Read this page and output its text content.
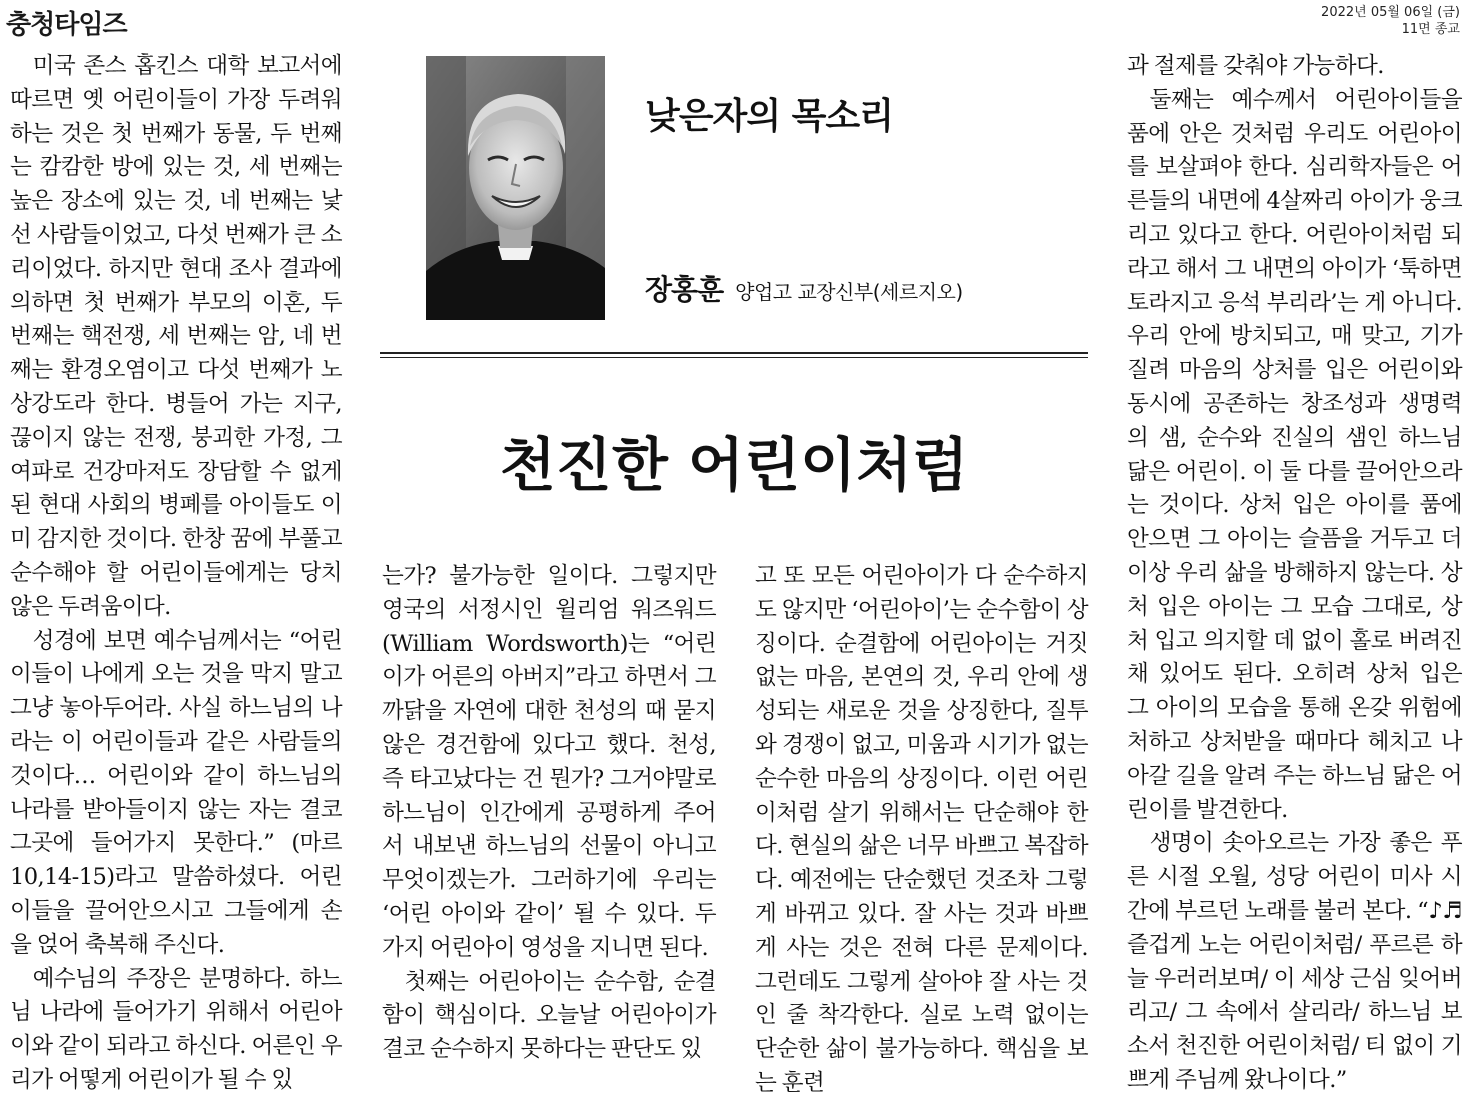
충청타임즈	2022년 05월 06일 (금)
11면 종교

미국 존스 홉킨스 대학 보고서에 따르면 옛 어린이들이 가장 두려워하는 것은 첫 번째가 동물, 두 번째는 캄캄한 방에 있는 것, 세 번째는 높은 장소에 있는 것, 네 번째는 낯선 사람들이었고, 다섯 번째가 큰 소리이었다. 하지만 현대 조사 결과에 의하면 첫 번째가 부모의 이혼, 두 번째는 핵전쟁, 세 번째는 암, 네 번째는 환경오염이고 다섯 번째가 노상강도라 한다. 병들어 가는 지구, 끊이지 않는 전쟁, 붕괴한 가정, 그 여파로 건강마저도 장담할 수 없게 된 현대 사회의 병폐를 아이들도 이미 감지한 것이다. 한창 꿈에 부풀고 순수해야 할 어린이들에게는 당치 않은 두려움이다.

성경에 보면 예수님께서는 “어린이들이 나에게 오는 것을 막지 말고 그냥 놓아두어라. 사실 하느님의 나라는 이 어린이들과 같은 사람들의 것이다… 어린이와 같이 하느님의 나라를 받아들이지 않는 자는 결코 그곳에 들어가지 못한다.” (마르 10,14-15)라고 말씀하셨다. 어린이들을 끌어안으시고 그들에게 손을 얹어 축복해 주신다.

예수님의 주장은 분명하다. 하느님 나라에 들어가기 위해서 어린아이와 같이 되라고 하신다. 어른인 우리가 어떻게 어린이가 될 수 있

낮은자의 목소리
장홍훈 양업고 교장신부(세르지오)
천진한 어린이처럼

는가? 불가능한 일이다. 그렇지만 영국의 서정시인 윌리엄 워즈워드 (William Wordsworth)는 “어린이가 어른의 아버지”라고 하면서 그 까닭을 자연에 대한 천성의 때 묻지 않은 경건함에 있다고 했다. 천성, 즉 타고났다는 건 뭔가? 그거야말로 하느님이 인간에게 공평하게 주어서 내보낸 하느님의 선물이 아니고 무엇이겠는가. 그러하기에 우리는 ‘어린 아이와 같이’ 될 수 있다. 두 가지 어린아이 영성을 지니면 된다.

첫째는 어린아이는 순수함, 순결함이 핵심이다. 오늘날 어린아이가 결코 순수하지 못하다는 판단도 있

고 또 모든 어린아이가 다 순수하지도 않지만 ‘어린아이’는 순수함이 상징이다. 순결함에 어린아이는 거짓 없는 마음, 본연의 것, 우리 안에 생성되는 새로운 것을 상징한다, 질투와 경쟁이 없고, 미움과 시기가 없는 순수한 마음의 상징이다. 이런 어린이처럼 살기 위해서는 단순해야 한다. 현실의 삶은 너무 바쁘고 복잡하다. 예전에는 단순했던 것조차 그렇게 바뀌고 있다. 잘 사는 것과 바쁘게 사는 것은 전혀 다른 문제이다. 그런데도 그렇게 살아야 잘 사는 것인 줄 착각한다. 실로 노력 없이는 단순한 삶이 불가능하다. 핵심을 보는 훈련

과 절제를 갖춰야 가능하다.

둘째는 예수께서 어린아이들을 품에 안은 것처럼 우리도 어린아이를 보살펴야 한다. 심리학자들은 어른들의 내면에 4살짜리 아이가 웅크리고 있다고 한다. 어린아이처럼 되라고 해서 그 내면의 아이가 ‘툭하면 토라지고 응석 부리라’는 게 아니다. 우리 안에 방치되고, 매 맞고, 기가 질려 마음의 상처를 입은 어린이와 동시에 공존하는 창조성과 생명력의 샘, 순수와 진실의 샘인 하느님 닮은 어린이. 이 둘 다를 끌어안으라는 것이다. 상처 입은 아이를 품에 안으면 그 아이는 슬픔을 거두고 더 이상 우리 삶을 방해하지 않는다. 상처 입은 아이는 그 모습 그대로, 상처 입고 의지할 데 없이 홀로 버려진 채 있어도 된다. 오히려 상처 입은 그 아이의 모습을 통해 온갖 위험에 처하고 상처받을 때마다 헤치고 나아갈 길을 알려 주는 하느님 닮은 어린이를 발견한다.

생명이 솟아오르는 가장 좋은 푸른 시절 오월, 성당 어린이 미사 시간에 부르던 노래를 불러 본다. “♪♬ 즐겁게 노는 어린이처럼/ 푸르른 하늘 우러러보며/ 이 세상 근심 잊어버리고/ 그 속에서 살리라/ 하느님 보소서 천진한 어린이처럼/ 티 없이 기쁘게 주님께 왔나이다.”
